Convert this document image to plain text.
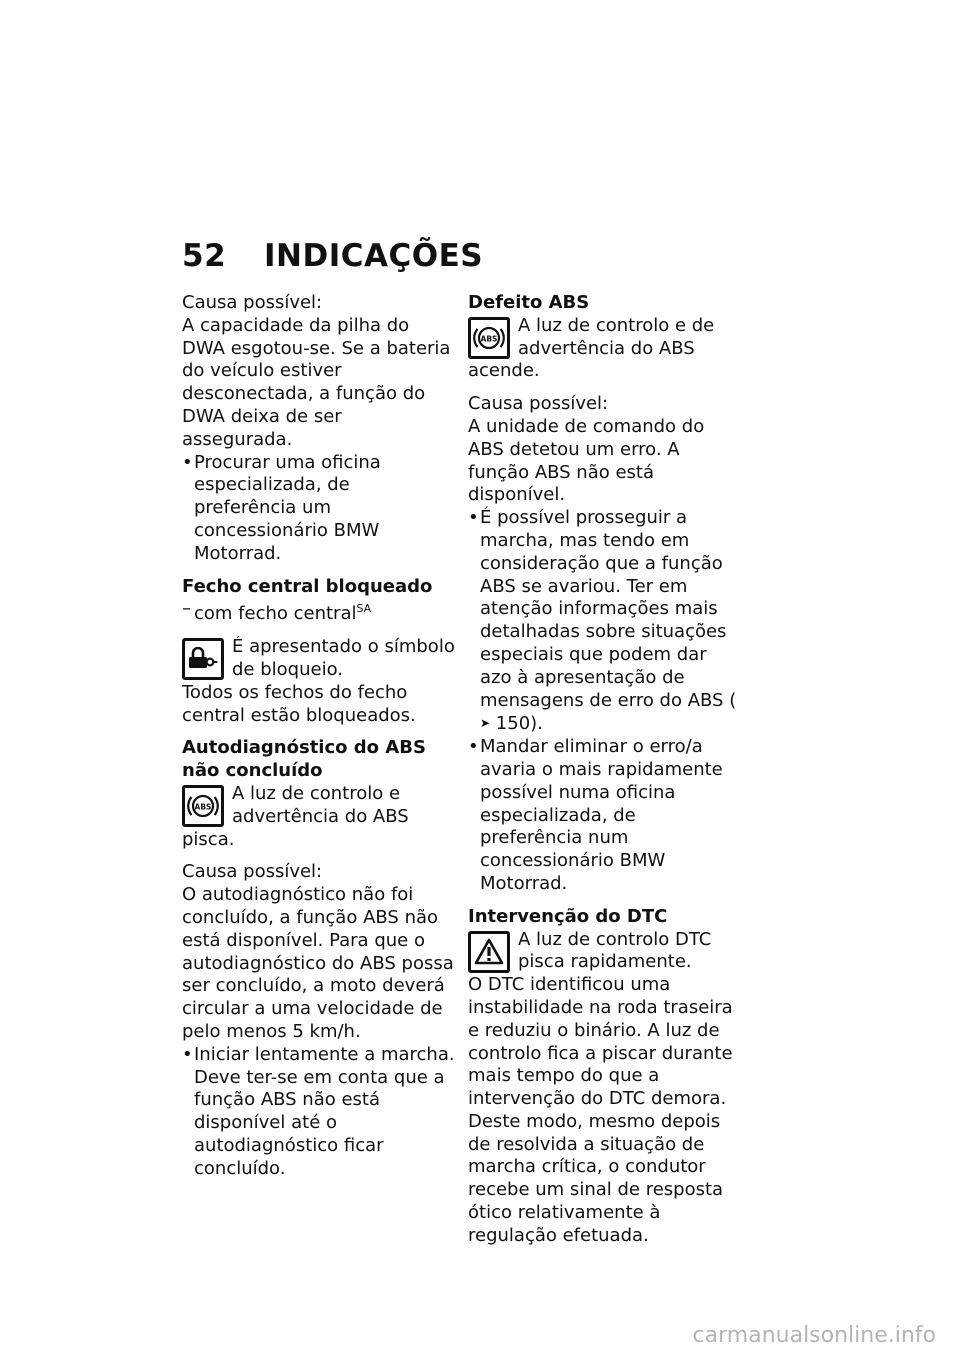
52 INDICAÇÕES

Causa possível:

A capacidade da pilha do DWA esgotou-se. Se a bateria do veículo estiver desconectada, a função do DWA deixa de ser assegurada.

• Procurar uma oficina especializada, de preferência um concessionário BMW Motorrad.

Fecho central bloqueado

– com fecho central$^{SA}$

É apresentado o símbolo de bloqueio.

Todos os fechos do fecho central estão bloqueados.

Autodiagnóstico do ABS não concluído

ABS

A luz de controlo e advertência do ABS pisca.

Causa possível:

O autodiagnóstico não foi concluído, a função ABS não está disponível. Para que o autodiagnóstico do ABS possa ser concluído, a moto deverá circular a uma velocidade de pelo menos 5 km/h.

• Iniciar lentamente a marcha. Deve ter-se em conta que a função ABS não está disponível até o autodiagnóstico ficar concluído.

Defeito ABS

ABS

A luz de controlo e de advertência do ABS acende.

Causa possível:

A unidade de comando do ABS detetou um erro. A função ABS não está disponível.

• É possível prosseguir a marcha, mas tendo em consideração que a função ABS se avariou. Ter em atenção informações mais detalhadas sobre situações especiais que podem dar azo à apresentação de mensagens de erro do ABS (➤ 150).

• Mandar eliminar o erro/a avaria o mais rapidamente possível numa oficina especializada, de preferência num concessionário BMW Motorrad.

Intervenção do DTC

A luz de controlo DTC pisca rapidamente.

O DTC identificou uma instabilidade na roda traseira e reduziu o binário. A luz de controlo fica a piscar durante mais tempo do que a intervenção do DTC demora. Deste modo, mesmo depois de resolvida a situação de marcha crítica, o condutor recebe um sinal de resposta ótico relativamente à regulação efetuada.

carmanualsonline.info
